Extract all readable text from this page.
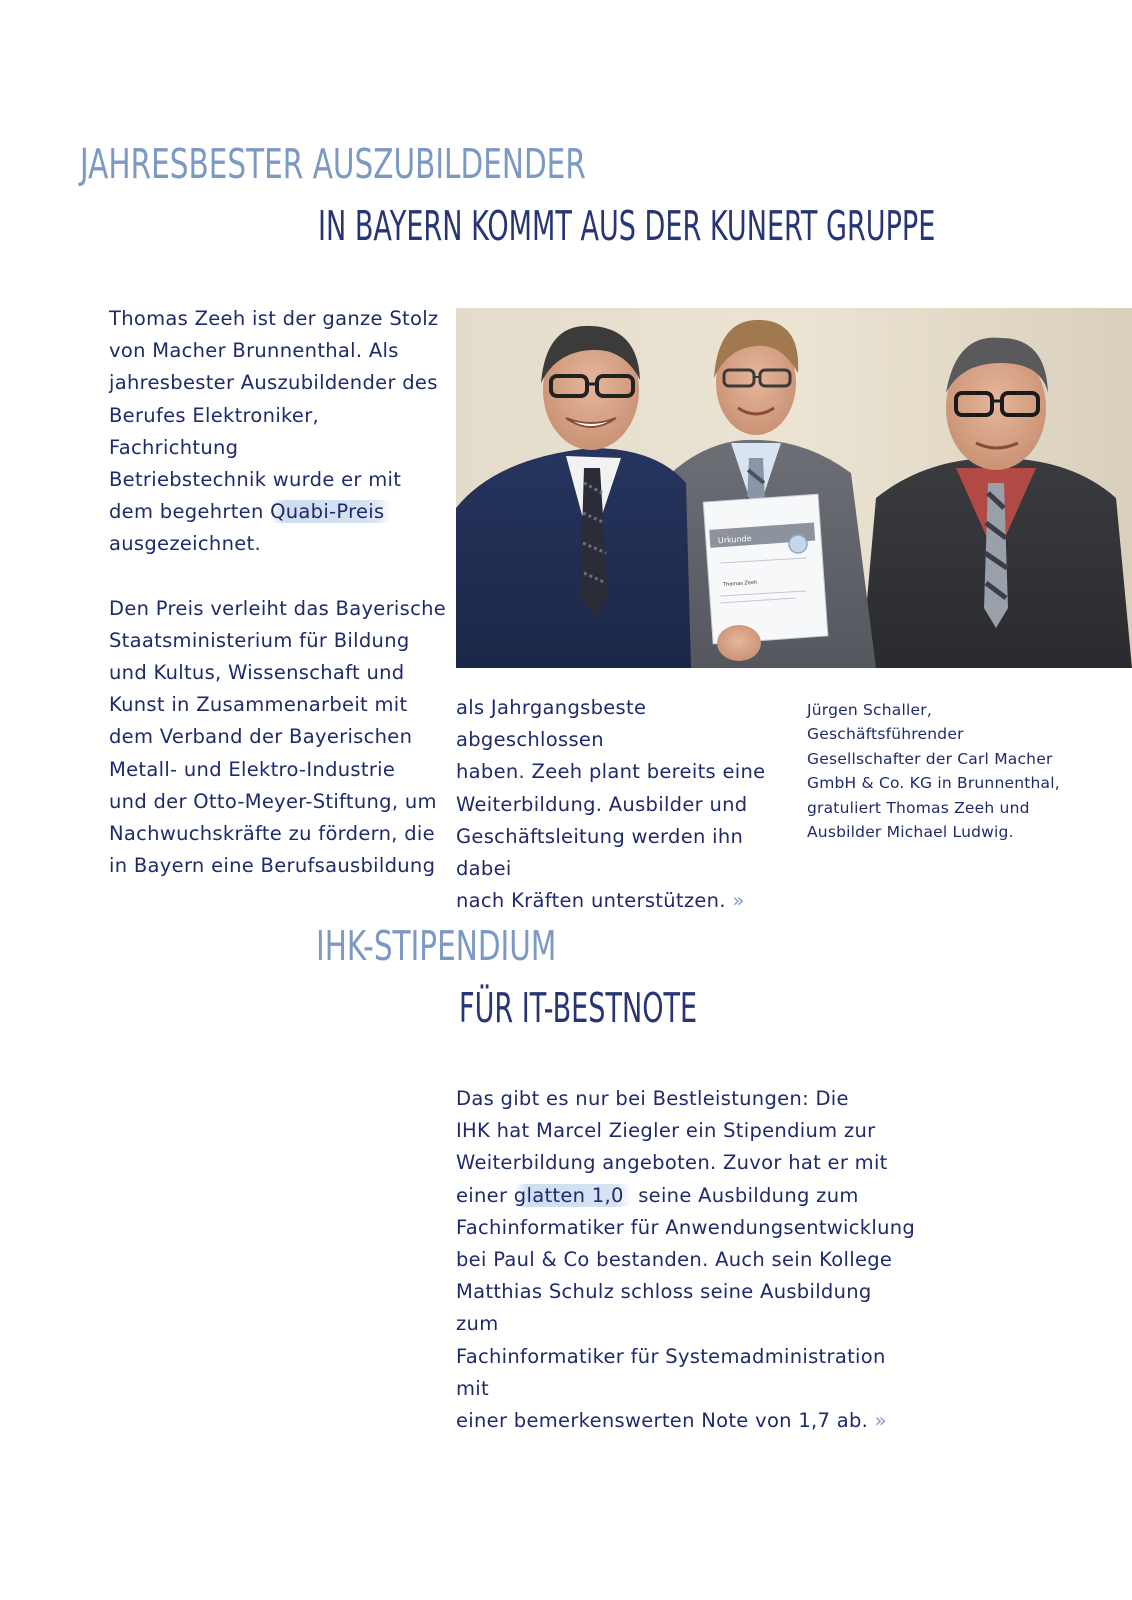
JAHRESBESTER AUSZUBILDENDER
IN BAYERN KOMMT AUS DER KUNERT GRUPPE

Thomas Zeeh ist der ganze Stolz

von Macher Brunnenthal. Als

jahresbester Auszubildender des

Berufes Elektroniker, Fachrichtung

Betriebstechnik wurde er mit

dem begehrten Quabi-Preis

ausgezeichnet.

Den Preis verleiht das Bayerische

Staatsministerium für Bildung

und Kultus, Wissenschaft und

Kunst in Zusammenarbeit mit

dem Verband der Bayerischen

Metall- und Elektro-Industrie

und der Otto-Meyer-Stiftung, um

Nachwuchskräfte zu fördern, die

in Bayern eine Berufsausbildung

Urkunde
Thomas Zeeh

als Jahrgangsbeste abgeschlossen

haben. Zeeh plant bereits eine

Weiterbildung. Ausbilder und

Geschäftsleitung werden ihn dabei

nach Kräften unterstützen. »

Jürgen Schaller,
Geschäftsführender
Gesellschafter der Carl Macher
GmbH & Co. KG in Brunnenthal,
gratuliert Thomas Zeeh und
Ausbilder Michael Ludwig.
IHK-STIPENDIUM
FÜR IT-BESTNOTE

Das gibt es nur bei Bestleistungen: Die

IHK hat Marcel Ziegler ein Stipendium zur

Weiterbildung angeboten. Zuvor hat er mit

einer glatten 1,0 seine Ausbildung zum

Fachinformatiker für Anwendungsentwicklung

bei Paul & Co bestanden. Auch sein Kollege

Matthias Schulz schloss seine Ausbildung zum

Fachinformatiker für Systemadministration mit

einer bemerkenswerten Note von 1,7 ab. »
